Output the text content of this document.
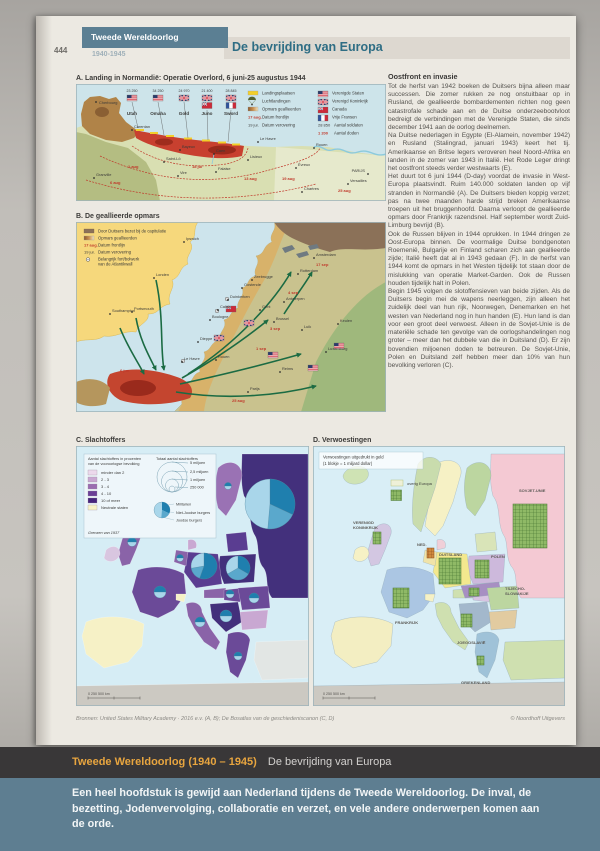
444
Tweede Wereldoorlog
1940-1945
De bevrijding van Europa
A. Landing in Normandië: Operatie Overlord, 6 juni-25 augustus 1944
23 250	34 250	24 970	21 400	28 845
Utah	Omaha	Gold	Juno Sword
Landingsplaatsen
Luchtlandingen
Opmars geallieerden
17 aug. Datum frontlijn
19 jul. Datum verovering
Verenigde Staten
Verenigd Koninkrijk
Canada
Vrije Fransen
28 850 Aantal soldaten
1 200 Aantal doden
Cherbourg
Carentan
Bayeux
Caen
Saint-Lô
Vire
Granville
Falaise
Lisieux
Évreux
Chartres
Versailles
PARIJS
Le Havre
Rouen
18 jul
1 aug
6 aug
13 aug	19 aug
25 aug
B. De geallieerde opmars
Door Duitsers bezet bij de capitulatie
Opmars geallieerden
17 aug. Datum frontlijn
19 jul. Datum verovering
Belangrijk fort/bolwerk
van de Atlantikwall
Ipswich
Londen
Southampton
Portsmouth
Zeebrugge
Oostende
Duinkerken
Calais
Boulogne
Dieppe
Le Havre	Rouen
Parijs
Reims
Gent
Brussel
Antwerpen
Rotterdam
Amsterdam
Luik
Keulen
Luxemburg
6 jun
25 aug
1 sep
3 sep
4 sep
17 sep
Oostfront en invasie

Tot de herfst van 1942 boeken de Duitsers bijna alleen maar successen. Die zomer rukken ze nog onstuitbaar op in Rusland, de geallieerde bombardementen richten nog geen catastrofale schade aan en de Duitse onderzeebootvloot bedreigt de verbindingen met de Verenigde Staten, die sinds december 1941 aan de oorlog deelnemen.

Na Duitse nederlagen in Egypte (El-Alamein, november 1942) en Rusland (Stalingrad, januari 1943) keert het tij. Amerikaanse en Britse legers veroveren heel Noord-Afrika en landen in de zomer van 1943 in Italië. Het Rode Leger dringt het oostfront steeds verder westwaarts (E).

Het duurt tot 6 juni 1944 (D-day) voordat de invasie in West-Europa plaatsvindt. Ruim 140.000 soldaten landen op vijf stranden in Normandië (A). De Duitsers bieden koppig verzet; pas na twee maanden harde strijd breken Amerikaanse troepen uit het bruggenhoofd. Daarna verloopt de geallieerde opmars door Frankrijk razendsnel. Half september wordt Zuid-Limburg bevrijd (B).

Ook de Russen blijven in 1944 oprukken. In 1944 dringen ze Oost-Europa binnen. De voormalige Duitse bondgenoten Roemenië, Bulgarije en Finland scharen zich aan geallieerde zijde; Italië heeft dat al in 1943 gedaan (F). In de herfst van 1944 komt de opmars in het Westen tijdelijk tot staan door de mislukking van operatie Market-Garden. Ook de Russen houden tijdelijk halt in Polen.

Begin 1945 volgen de slotoffensieven van beide zijden. Als de Duitsers begin mei de wapens neerleggen, zijn alleen het zuidelijk deel van hun rijk, Noorwegen, Denemarken en het westen van Nederland nog in hun handen (E). Hun land is dan voor een groot deel verwoest. Alleen in de Sovjet-Unie is de materiële schade ten gevolge van de oorlogshandelingen nog groter – meer dan het dubbele van die in Duitsland (D). Er zijn bovendien miljoenen doden te betreuren. De Sovjet-Unie, Polen en Duitsland zelf hebben meer dan 10% van hun bevolking verloren (C).

C. Slachtoffers	D. Verwoestingen
Aantal slachtoffers in procenten
van de vooroorlogse bevolking
minder dan 2
2 - 3
3 - 4
4 - 10
10 of meer
Neutrale staten
Totaal aantal slachtoffers
5 miljoen
2,5 miljoen
1 miljoen
250 000
Militairen
Niet-Joodse burgers
Joodse burgers
Grenzen van 1937
0 250 500 km
VERENIGD
KONINKRIJK
NED.
FRANKRIJK
DUITSLAND	POLEN
SOVJET-UNIE
TSJECHO-
SLOWAKIJE
JOEGOSLAVIË
GRIEKENLAND
Verwoestingen uitgedrukt in geld
(1 blokje = 1 miljard dollar)
overig Europa
0 250 500 km
Bronnen: United States Military Academy · 2016 e.v. (A, B); De Bosatlas van de geschiedeniscanon (C, D)	© Noordhoff Uitgevers
Tweede Wereldoorlog (1940 – 1945) De bevrijding van Europa

Een heel hoofdstuk is gewijd aan Nederland tijdens de Tweede Wereldoorlog. De inval, de bezetting, Jodenvervolging, collaboratie en verzet, en vele andere onderwerpen komen aan de orde.
